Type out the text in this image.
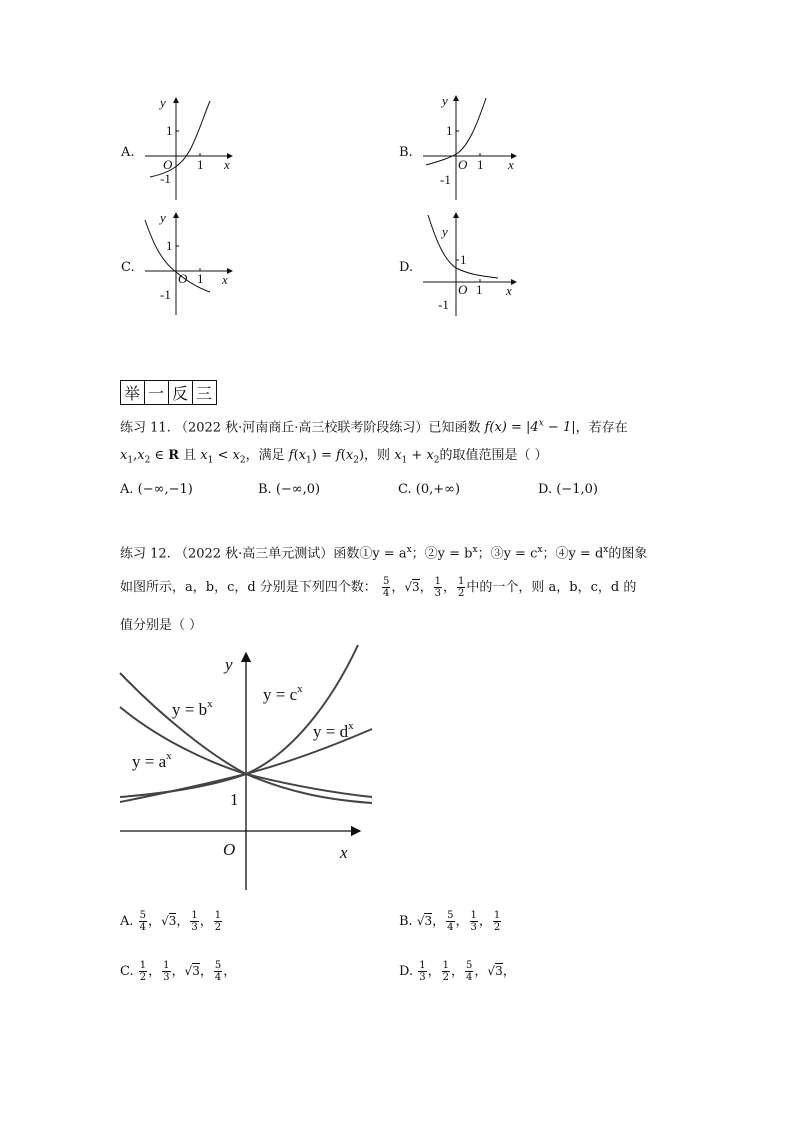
A.
y
1
O 1 x
-1
B.
y
1
O 1 x
-1
C.
y
1
O 1 x
-1
D.
y
1
O 1 x
-1
举 一 反 三
练习 11. （2022 秋·河南商丘·高三校联考阶段练习）已知函数 $f(x) = |4^x - 1|$，若存在
$x_1,x_2$ ∈ R 且 $x_1 < x_2$，满足 $f(x_1) = f(x_2)$，则 $x_1 + x_2$的取值范围是（ ）
A. (−∞,−1)	B. (−∞,0)	C. (0,+∞)	D. (−1,0)
练习 12. （2022 秋·高三单元测试）函数①y = $a^x$；②y = $b^x$；③y = $c^x$；④y = $d^x$的图象
如图所示，a，b，c，d 分别是下列四个数： $\frac{5}{4}$ ，√3， $\frac{1}{3}$ ， $\frac{1}{2}$ 中的一个，则 a，b，c，d 的
值分别是（ ）
y
1
O	x
$y = b^x$	$y = c^x$
$y = d^x$
$y = a^x$
A. $\frac{5}{4}$ ，√3， $\frac{1}{3}$ ， $\frac{1}{2}$	B. √3， $\frac{5}{4}$ ， $\frac{1}{3}$ ， $\frac{1}{2}$
C. $\frac{1}{2}$ ， $\frac{1}{3}$ ，√3， $\frac{5}{4}$ ，	D. $\frac{1}{3}$ ， $\frac{1}{2}$ ， $\frac{5}{4}$ ，√3，
